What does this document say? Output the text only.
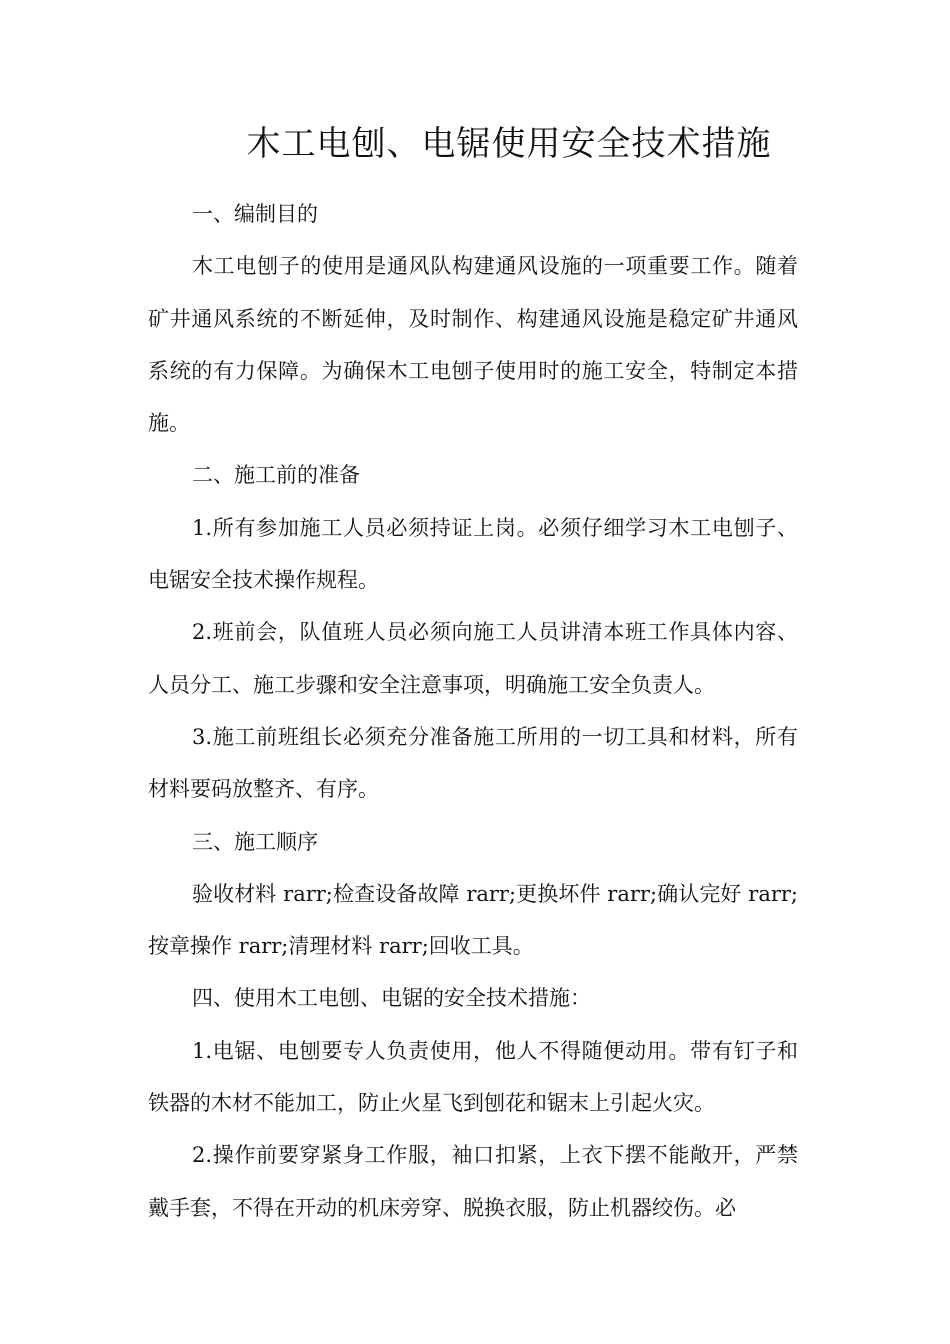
木工电刨、电锯使用安全技术措施

一、编制目的

木工电刨子的使用是通风队构建通风设施的一项重要工作。随着矿井通风系统的不断延伸，及时制作、构建通风设施是稳定矿井通风系统的有力保障。为确保木工电刨子使用时的施工安全，特制定本措施。

二、施工前的准备

1.所有参加施工人员必须持证上岗。必须仔细学习木工电刨子、电锯安全技术操作规程。

2.班前会，队值班人员必须向施工人员讲清本班工作具体内容、人员分工、施工步骤和安全注意事项，明确施工安全负责人。

3.施工前班组长必须充分准备施工所用的一切工具和材料，所有材料要码放整齐、有序。

三、施工顺序

验收材料 rarr;检查设备故障 rarr;更换坏件 rarr;确认完好 rarr;按章操作 rarr;清理材料 rarr;回收工具。

四、使用木工电刨、电锯的安全技术措施：

1.电锯、电刨要专人负责使用，他人不得随便动用。带有钉子和铁器的木材不能加工，防止火星飞到刨花和锯末上引起火灾。

2.操作前要穿紧身工作服，袖口扣紧，上衣下摆不能敞开，严禁戴手套，不得在开动的机床旁穿、脱换衣服，防止机器绞伤。必
